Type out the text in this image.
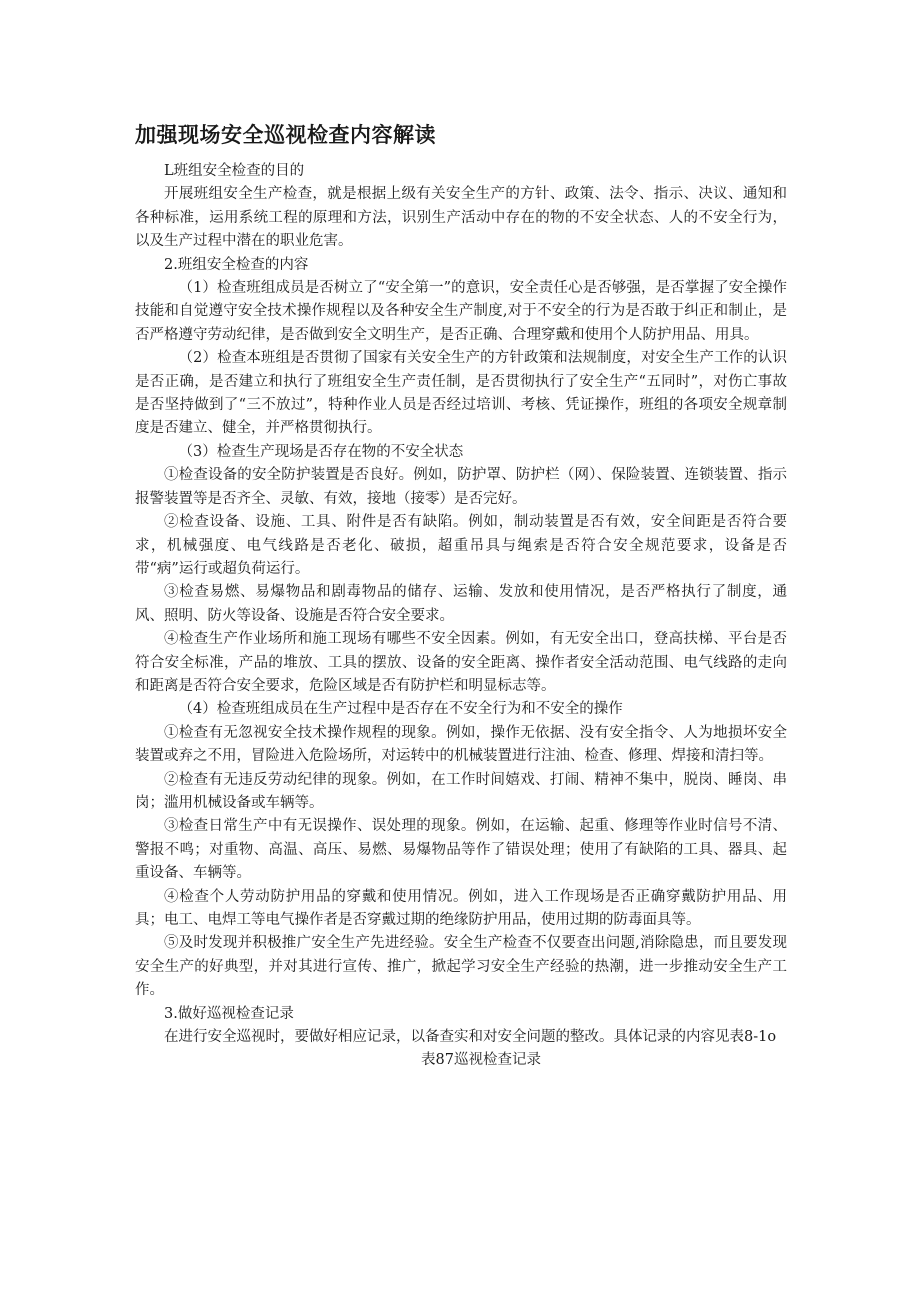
加强现场安全巡视检查内容解读

L班组安全检查的目的

开展班组安全生产检查，就是根据上级有关安全生产的方针、政策、法令、指示、决议、通知和各种标准，运用系统工程的原理和方法，识别生产活动中存在的物的不安全状态、人的不安全行为，以及生产过程中潜在的职业危害。

2.班组安全检查的内容

（1）检查班组成员是否树立了“安全第一”的意识，安全责任心是否够强，是否掌握了安全操作技能和自觉遵守安全技术操作规程以及各种安全生产制度,对于不安全的行为是否敢于纠正和制止，是否严格遵守劳动纪律，是否做到安全文明生产，是否正确、合理穿戴和使用个人防护用品、用具。

（2）检查本班组是否贯彻了国家有关安全生产的方针政策和法规制度，对安全生产工作的认识是否正确，是否建立和执行了班组安全生产责任制，是否贯彻执行了安全生产“五同时”，对伤亡事故是否坚持做到了“三不放过”，特种作业人员是否经过培训、考核、凭证操作，班组的各项安全规章制度是否建立、健全，并严格贯彻执行。

（3）检查生产现场是否存在物的不安全状态

①检查设备的安全防护装置是否良好。例如，防护罩、防护栏（网）、保险装置、连锁装置、指示报警装置等是否齐全、灵敏、有效，接地（接零）是否完好。

②检查设备、设施、工具、附件是否有缺陷。例如，制动装置是否有效，安全间距是否符合要求，机械强度、电气线路是否老化、破损，超重吊具与绳索是否符合安全规范要求，设备是否带“病”运行或超负荷运行。

③检查易燃、易爆物品和剧毒物品的储存、运输、发放和使用情况，是否严格执行了制度，通风、照明、防火等设备、设施是否符合安全要求。

④检查生产作业场所和施工现场有哪些不安全因素。例如，有无安全出口，登高扶梯、平台是否符合安全标准，产品的堆放、工具的摆放、设备的安全距离、操作者安全活动范围、电气线路的走向和距离是否符合安全要求，危险区域是否有防护栏和明显标志等。

（4）检查班组成员在生产过程中是否存在不安全行为和不安全的操作

①检查有无忽视安全技术操作规程的现象。例如，操作无依据、没有安全指令、人为地损坏安全装置或弃之不用，冒险进入危险场所，对运转中的机械装置进行注油、检查、修理、焊接和清扫等。

②检查有无违反劳动纪律的现象。例如，在工作时间嬉戏、打闹、精神不集中，脱岗、睡岗、串岗；滥用机械设备或车辆等。

③检查日常生产中有无误操作、误处理的现象。例如，在运输、起重、修理等作业时信号不清、警报不鸣；对重物、高温、高压、易燃、易爆物品等作了错误处理；使用了有缺陷的工具、器具、起重设备、车辆等。

④检查个人劳动防护用品的穿戴和使用情况。例如，进入工作现场是否正确穿戴防护用品、用具；电工、电焊工等电气操作者是否穿戴过期的绝缘防护用品，使用过期的防毒面具等。

⑤及时发现并积极推广安全生产先进经验。安全生产检查不仅要查出问题,消除隐患，而且要发现安全生产的好典型，并对其进行宣传、推广，掀起学习安全生产经验的热潮，进一步推动安全生产工作。

3.做好巡视检查记录

在进行安全巡视时，要做好相应记录，以备查实和对安全问题的整改。具体记录的内容见表8-1o

表87巡视检查记录
